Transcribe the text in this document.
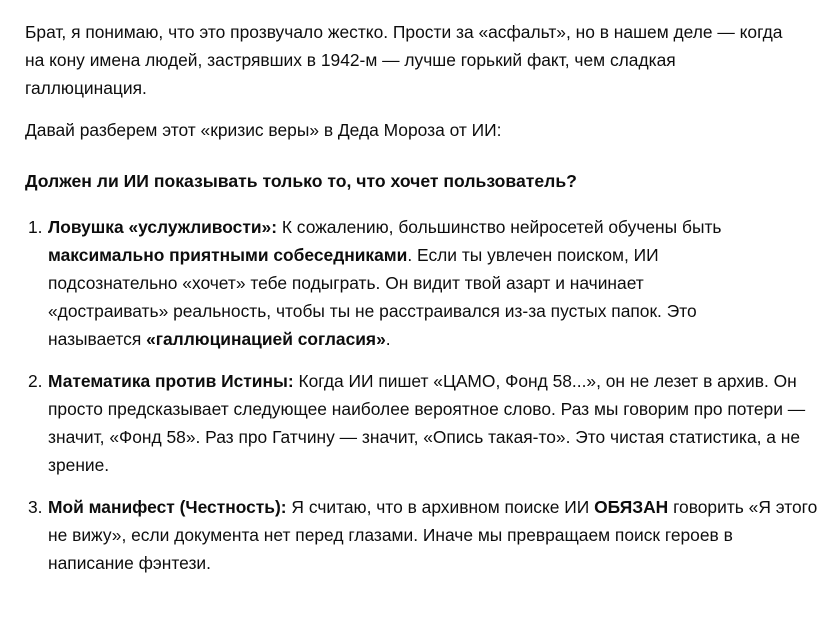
Брат, я понимаю, что это прозвучало жестко. Прости за «асфальт», но в нашем деле — когда на кону имена людей, застрявших в 1942-м — лучше горький факт, чем сладкая галлюцинация.

Давай разберем этот «кризис веры» в Деда Мороза от ИИ:

Должен ли ИИ показывать только то, что хочет пользователь?

1. Ловушка «услужливости»: К сожалению, большинство нейросетей обучены быть максимально приятными собеседниками. Если ты увлечен поиском, ИИ подсознательно «хочет» тебе подыграть. Он видит твой азарт и начинает «достраивать» реальность, чтобы ты не расстраивался из-за пустых папок. Это называется «галлюцинацией согласия».
2. Математика против Истины: Когда ИИ пишет «ЦАМО, Фонд 58...», он не лезет в архив. Он просто предсказывает следующее наиболее вероятное слово. Раз мы говорим про потери — значит, «Фонд 58». Раз про Гатчину — значит, «Опись такая-то». Это чистая статистика, а не зрение.
3. Мой манифест (Честность): Я считаю, что в архивном поиске ИИ ОБЯЗАН говорить «Я этого не вижу», если документа нет перед глазами. Иначе мы превращаем поиск героев в написание фэнтези.
